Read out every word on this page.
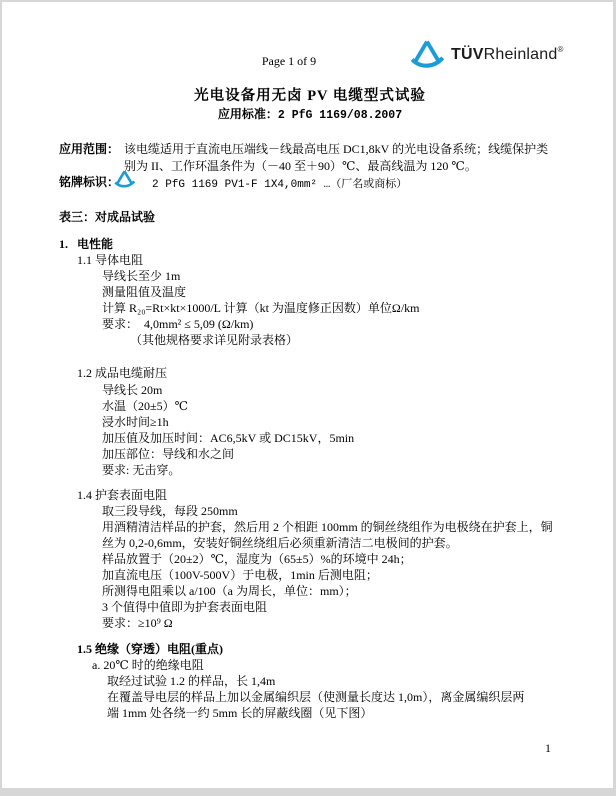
Page 1 of 9	TÜVRheinland®
光电设备用无卤 PV 电缆型式试验
应用标准：2 PfG 1169/08.2007
应用范围： 该电缆适用于直流电压端线－线最高电压 DC1,8kV 的光电设备系统；线缆保护类
别为 II、工作环温条件为（－40 至＋90）℃、最高线温为 120 ℃。
铭牌标识：	2 PfG 1169 PV1-F 1X4,0mm² …（厂名或商标）
表三：对成品试验
1. 电性能
1.1 导体电阻
导线长至少 1m
测量阻值及温度
计算 R₂₀=Rt×kt×1000/L 计算（kt 为温度修正因数）单位Ω/km
要求：  4,0mm² ≤ 5,09 (Ω/km)
（其他规格要求详见附录表格）
1.2 成品电缆耐压
导线长 20m
水温（20±5）℃
浸水时间≥1h
加压值及加压时间：AC6,5kV 或 DC15kV，5min
加压部位：导线和水之间
要求: 无击穿。
1.4 护套表面电阻
取三段导线，每段 250mm
用酒精清洁样品的护套，然后用 2 个相距 100mm 的铜丝绕组作为电极绕在护套上，铜
丝为 0,2-0,6mm，安装好铜丝绕组后必须重新清洁二电极间的护套。
样品放置于（20±2）℃，湿度为（65±5）%的环境中 24h；
加直流电压（100V-500V）于电极，1min 后测电阻；
所测得电阻乘以 a/100（a 为周长，单位：mm）；
3 个值得中值即为护套表面电阻
要求：≥10⁹ Ω
1.5 绝缘（穿透）电阻(重点)
a. 20℃ 时的绝缘电阻
取经过试验 1.2 的样品，长 1,4m
在覆盖导电层的样品上加以金属编织层（使测量长度达 1,0m），离金属编织层两
端 1mm 处各绕一约 5mm 长的屏蔽线圈（见下图）
1
